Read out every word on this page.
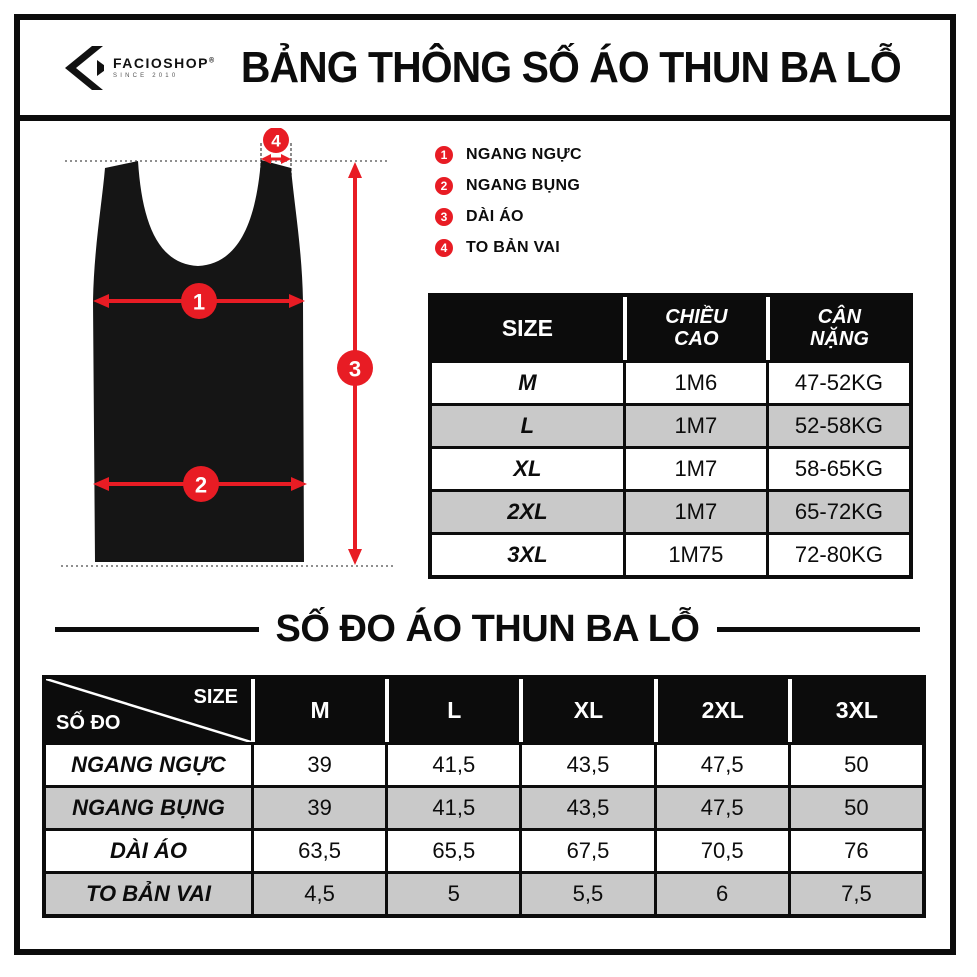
FACIOSHOP®
SINCE 2010	BẢNG THÔNG SỐ ÁO THUN BA LỖ
1
2
3
4
1	NGANG NGỰC
2	NGANG BỤNG
3	DÀI ÁO
4	TO BẢN VAI
SIZE	CHIỀU CAO	CÂN NẶNG
M	1M6	47-52KG
L	1M7	52-58KG
XL	1M7	58-65KG
2XL	1M7	65-72KG
3XL	1M75	72-80KG
SỐ ĐO ÁO THUN BA LỖ
SIZE
SỐ ĐO	M	L	XL	2XL	3XL
NGANG NGỰC	39	41,5	43,5	47,5	50
NGANG BỤNG	39	41,5	43,5	47,5	50
DÀI ÁO	63,5	65,5	67,5	70,5	76
TO BẢN VAI	4,5	5	5,5	6	7,5
